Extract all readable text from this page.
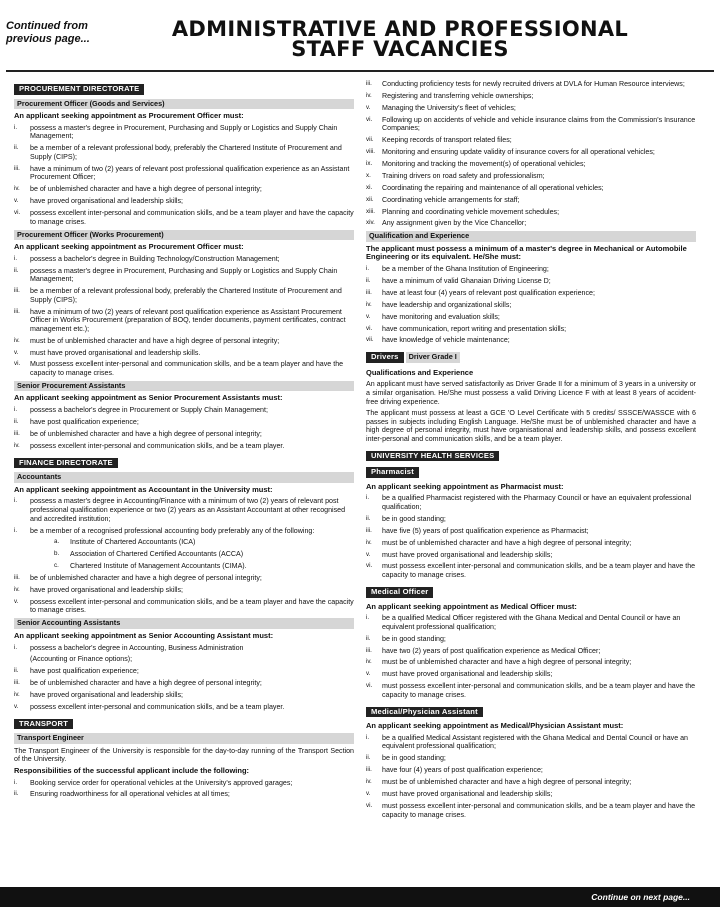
Continued from previous page...	ADMINISTRATIVE AND PROFESSIONAL
STAFF VACANCIES
PROCUREMENT DIRECTORATE
Procurement Officer (Goods and Services)
An applicant seeking appointment as Procurement Officer must:
i.	possess a master's degree in Procurement, Purchasing and Supply or Logistics and Supply Chain Management;
ii.	be a member of a relevant professional body, preferably the Chartered Institute of Procurement and Supply (CIPS);
iii.	have a minimum of two (2) years of relevant post professional qualification experience as an Assistant Procurement Officer;
iv.	be of unblemished character and have a high degree of personal integrity;
v.	have proved organisational and leadership skills;
vi.	possess excellent inter-personal and communication skills, and be a team player and have the capacity to manage crises.
Procurement Officer (Works Procurement)
An applicant seeking appointment as Procurement Officer must:
i.	possess a bachelor's degree in Building Technology/Construction Management;
ii.	possess a master's degree in Procurement, Purchasing and Supply or Logistics and Supply Chain Management;
iii.	be a member of a relevant professional body, preferably the Chartered Institute of Procurement and Supply (CIPS);
iii.	have a minimum of two (2) years of relevant post qualification experience as Assistant Procurement Officer in Works Procurement (preparation of BOQ, tender documents, payment certificates, contract management etc.);
iv.	must be of unblemished character and have a high degree of personal integrity;
v.	must have proved organisational and leadership skills.
vi.	Must possess excellent inter-personal and communication skills, and be a team player and have the capacity to manage crises.
Senior Procurement Assistants
An applicant seeking appointment as Senior Procurement Assistants must:
i.	possess a bachelor's degree in Procurement or Supply Chain Management;
ii.	have post qualification experience;
iii.	be of unblemished character and have a high degree of personal integrity;
iv.	possess excellent inter-personal and communication skills, and be a team player.
FINANCE DIRECTORATE
Accountants
An applicant seeking appointment as Accountant in the University must:
i.	possess a master's degree in Accounting/Finance with a minimum of two (2) years of relevant post professional qualification experience or two (2) years as an Assistant Accountant at other recognised and accredited institution;
i.	be a member of a recognised professional accounting body preferably any of the following:
a.	Institute of Chartered Accountants (ICA)
b.	Association of Chartered Certified Accountants (ACCA)
c.	Chartered Institute of Management Accountants (CIMA).
iii.	be of unblemished character and have a high degree of personal integrity;
iv.	have proved organisational and leadership skills;
v.	possess excellent inter-personal and communication skills, and be a team player and have the capacity to manage crises.
Senior Accounting Assistants
An applicant seeking appointment as Senior Accounting Assistant must:
i.	possess a bachelor's degree in Accounting, Business Administration
(Accounting or Finance options);
ii.	have post qualification experience;
iii.	be of unblemished character and have a high degree of personal integrity;
iv.	have proved organisational and leadership skills;
v.	possess excellent inter-personal and communication skills, and be a team player.
TRANSPORT
Transport Engineer
The Transport Engineer of the University is responsible for the day-to-day running of the Transport Section of the University.
Responsibilities of the successful applicant include the following:
i.	Booking service order for operational vehicles at the University's approved garages;
ii.	Ensuring roadworthiness for all operational vehicles at all times;
iii.	Conducting proficiency tests for newly recruited drivers at DVLA for Human Resource interviews;
iv.	Registering and transferring vehicle ownerships;
v.	Managing the University's fleet of vehicles;
vi.	Following up on accidents of vehicle and vehicle insurance claims from the Commission's Insurance Companies;
vii.	Keeping records of transport related files;
viii. Monitoring and ensuring update validity of insurance covers for all operational vehicles;
ix.	Monitoring and tracking the movement(s) of operational vehicles;
x.	Training drivers on road safety and professionalism;
xi.	Coordinating the repairing and maintenance of all operational vehicles;
xii.	Coordinating vehicle arrangements for staff;
xiii. Planning and coordinating vehicle movement schedules;
xiv.	Any assignment given by the Vice Chancellor;
Qualification and Experience
The applicant must possess a minimum of a master's degree in Mechanical or Automobile Engineering or its equivalent. He/She must:
i.	be a member of the Ghana Institution of Engineering;
ii.	have a minimum of valid Ghanaian Driving License D;
iii.	have at least four (4) years of relevant post qualification experience;
iv.	have leadership and organizational skills;
v.	have monitoring and evaluation skills;
vi.	have communication, report writing and presentation skills;
vii.	have knowledge of vehicle maintenance;
Drivers Driver Grade I
Qualifications and Experience
An applicant must have served satisfactorily as Driver Grade II for a minimum of 3 years in a university or a similar organisation. He/She must possess a valid Driving Licence F with at least 8 years of accident-free driving experience.
The applicant must possess at least a GCE 'O Level Certificate with 5 credits/ SSSCE/WASSCE with 6 passes in subjects including English Language. He/She must be of unblemished character and have a high degree of personal integrity, must have organisational and leadership skills, and possess excellent inter-personal and communication skills, and be a team player.
UNIVERSITY HEALTH SERVICES
Pharmacist
An applicant seeking appointment as Pharmacist must:
i.	be a qualified Pharmacist registered with the Pharmacy Council or have an equivalent professional qualification;
ii.	be in good standing;
iii.	have five (5) years of post qualification experience as Pharmacist;
iv.	must be of unblemished character and have a high degree of personal integrity;
v.	must have proved organisational and leadership skills;
vi.	must possess excellent inter-personal and communication skills, and be a team player and have the capacity to manage crises.
Medical Officer
An applicant seeking appointment as Medical Officer must:
i.	be a qualified Medical Officer registered with the Ghana Medical and Dental Council or have an equivalent professional qualification;
ii.	be in good standing;
iii.	have two (2) years of post qualification experience as Medical Officer;
iv.	must be of unblemished character and have a high degree of personal integrity;
v.	must have proved organisational and leadership skills;
vi.	must possess excellent inter-personal and communication skills, and be a team player and have the capacity to manage crises.
Medical/Physician Assistant
An applicant seeking appointment as Medical/Physician Assistant must:
i.	be a qualified Medical Assistant registered with the Ghana Medical and Dental Council or have an equivalent professional qualification;
ii.	be in good standing;
iii.	have four (4) years of post qualification experience;
iv.	must be of unblemished character and have a high degree of personal integrity;
v.	must have proved organisational and leadership skills;
vi.	must possess excellent inter-personal and communication skills, and be a team player and have the capacity to manage crises.
Continue on next page...
